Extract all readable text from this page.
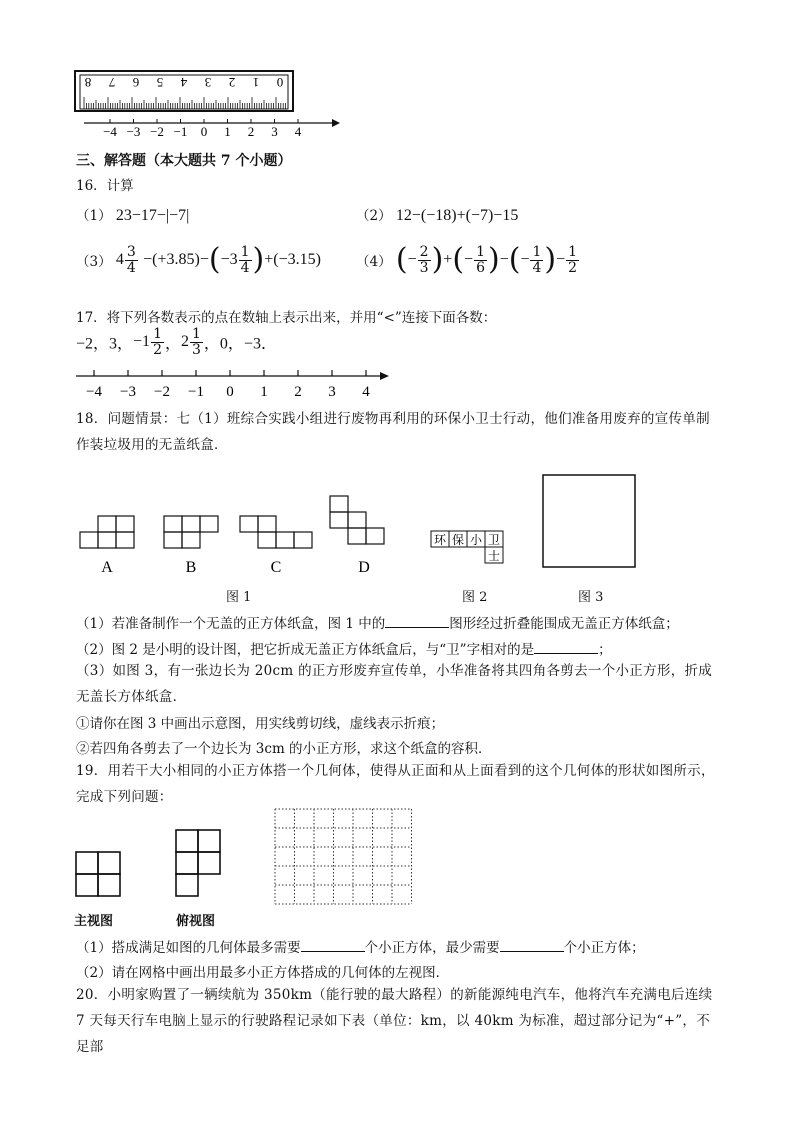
8 7 6 5 4 3 2 1 0
−4 −3 −2 −1 0 1 2 3 4
三、解答题（本大题共 7 个小题）
16．计算
（1） 23−17−|−7|	（2） 12−(−18)+(−7)−15
（3） $4 \frac{3}{4} -(+3.85)-(-3 \frac{1}{4} )+(-3.15)$	（4） (− $\frac{2}{3}$ )+(− $\frac{1}{6}$ )−(− $\frac{1}{4}$ )− $\frac{1}{2}$
17．将下列各数表示的点在数轴上表示出来，并用“<”连接下面各数：
−2，3，$-1 \frac{1}{2}$ ，$2 \frac{1}{3}$ ，0，−3．
−4 −3 −2 −1 0 1 2 3 4
18．问题情景：七（1）班综合实践小组进行废物再利用的环保小卫士行动，他们准备用废弃的宣传单制作装垃圾用的无盖纸盒．
A	B	C	D
环 保 小 卫
士
图 1	图 2	图 3
（1）若准备制作一个无盖的正方体纸盒，图 1 中的	图形经过折叠能围成无盖正方体纸盒；
（2）图 2 是小明的设计图，把它折成无盖正方体纸盒后，与“卫”字相对的是	；
（3）如图 3，有一张边长为 20cm 的正方形废弃宣传单，小华准备将其四角各剪去一个小正方形，折成无盖长方体纸盒．
①请你在图 3 中画出示意图，用实线剪切线，虚线表示折痕；
②若四角各剪去了一个边长为 3cm 的小正方形，求这个纸盒的容积．
19．用若干大小相同的小正方体搭一个几何体，使得从正面和从上面看到的这个几何体的形状如图所示，完成下列问题：
主视图	俯视图
（1）搭成满足如图的几何体最多需要	个小正方体，最少需要	个小正方体；
（2）请在网格中画出用最多小正方体搭成的几何体的左视图．
20．小明家购置了一辆续航为 350km（能行驶的最大路程）的新能源纯电汽车，他将汽车充满电后连续 7 天每天行车电脑上显示的行驶路程记录如下表（单位：km，以 40km 为标准，超过部分记为“+”，不足部
